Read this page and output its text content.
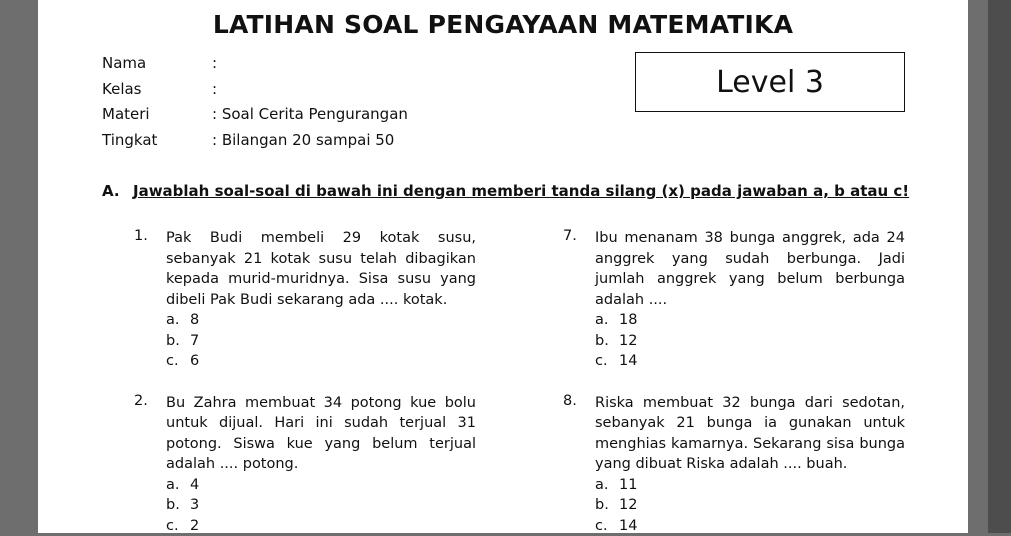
LATIHAN SOAL PENGAYAAN MATEMATIKA
Nama	:
Kelas	:
Materi	: Soal Cerita Pengurangan
Tingkat	: Bilangan 20 sampai 50
Level 3
A. Jawablah soal-soal di bawah ini dengan memberi tanda silang (x) pada jawaban a, b atau c!
1. Pak Budi membeli 29 kotak susu, sebanyak 21 kotak susu telah dibagikan kepada murid-muridnya. Sisa susu yang dibeli Pak Budi sekarang ada .... kotak.
a. 8
b. 7
c. 6
2. Bu Zahra membuat 34 potong kue bolu untuk dijual. Hari ini sudah terjual 31 potong. Siswa kue yang belum terjual adalah .... potong.
a. 4
b. 3
c. 2
7. Ibu menanam 38 bunga anggrek, ada 24 anggrek yang sudah berbunga. Jadi jumlah anggrek yang belum berbunga adalah ....
a. 18
b. 12
c. 14
8. Riska membuat 32 bunga dari sedotan, sebanyak 21 bunga ia gunakan untuk menghias kamarnya. Sekarang sisa bunga yang dibuat Riska adalah .... buah.
a. 11
b. 12
c. 14
